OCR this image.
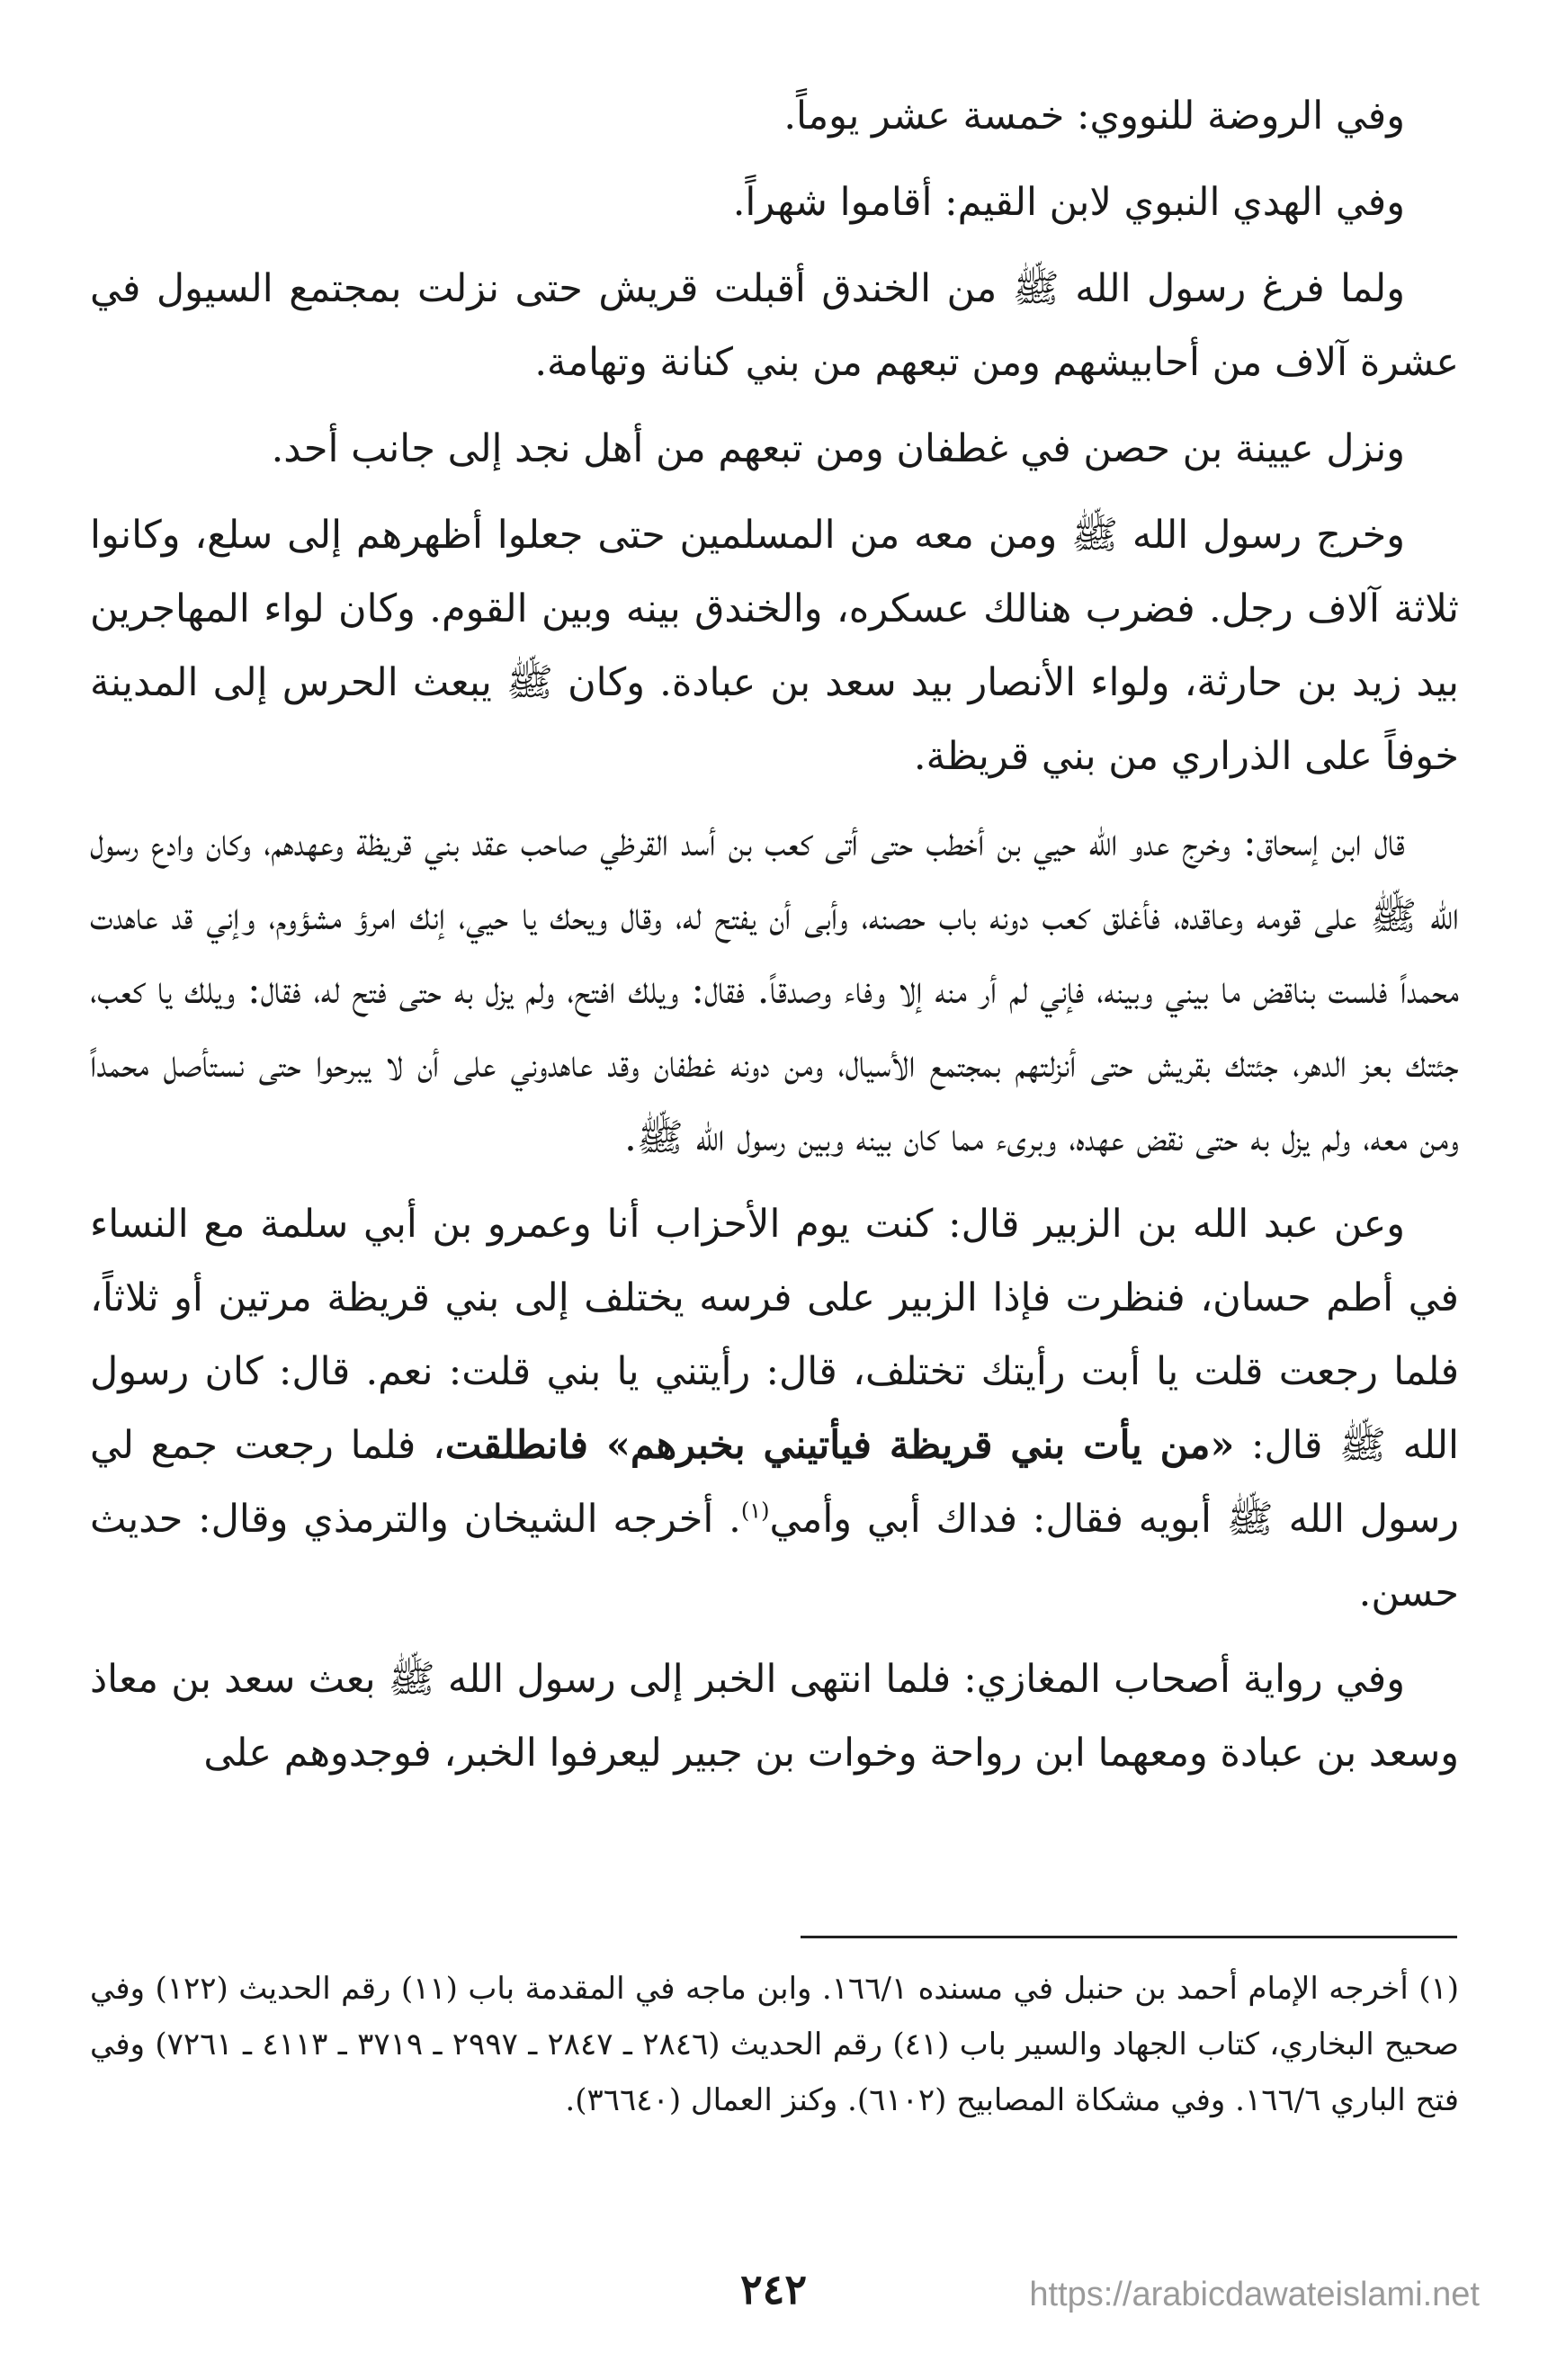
وفي الروضة للنووي: خمسة عشر يوماً.

وفي الهدي النبوي لابن القيم: أقاموا شهراً.

ولما فرغ رسول الله ﷺ من الخندق أقبلت قريش حتى نزلت بمجتمع السيول في عشرة آلاف من أحابيشهم ومن تبعهم من بني كنانة وتهامة.

ونزل عيينة بن حصن في غطفان ومن تبعهم من أهل نجد إلى جانب أحد.

وخرج رسول الله ﷺ ومن معه من المسلمين حتى جعلوا أظهرهم إلى سلع، وكانوا ثلاثة آلاف رجل. فضرب هنالك عسكره، والخندق بينه وبين القوم. وكان لواء المهاجرين بيد زيد بن حارثة، ولواء الأنصار بيد سعد بن عبادة. وكان ﷺ يبعث الحرس إلى المدينة خوفاً على الذراري من بني قريظة.

قال ابن إسحاق: وخرج عدو الله حيي بن أخطب حتى أتى كعب بن أسد القرظي صاحب عقد بني قريظة وعهدهم، وكان وادع رسول الله ﷺ على قومه وعاقده، فأغلق كعب دونه باب حصنه، وأبى أن يفتح له، وقال ويحك يا حيي، إنك امرؤ مشؤوم، وإني قد عاهدت محمداً فلست بناقض ما بيني وبينه، فإني لم أر منه إلا وفاء وصدقاً. فقال: ويلك افتح، ولم يزل به حتى فتح له، فقال: ويلك يا كعب، جئتك بعز الدهر، جئتك بقريش حتى أنزلتهم بمجتمع الأسيال، ومن دونه غطفان وقد عاهدوني على أن لا يبرحوا حتى نستأصل محمداً ومن معه، ولم يزل به حتى نقض عهده، وبرىء مما كان بينه وبين رسول الله ﷺ.

وعن عبد الله بن الزبير قال: كنت يوم الأحزاب أنا وعمرو بن أبي سلمة مع النساء في أطم حسان، فنظرت فإذا الزبير على فرسه يختلف إلى بني قريظة مرتين أو ثلاثاً، فلما رجعت قلت يا أبت رأيتك تختلف، قال: رأيتني يا بني قلت: نعم. قال: كان رسول الله ﷺ قال: «من يأت بني قريظة فيأتيني بخبرهم» فانطلقت، فلما رجعت جمع لي رسول الله ﷺ أبويه فقال: فداك أبي وأمي$^{(١)}$. أخرجه الشيخان والترمذي وقال: حديث حسن.

وفي رواية أصحاب المغازي: فلما انتهى الخبر إلى رسول الله ﷺ بعث سعد بن معاذ وسعد بن عبادة ومعهما ابن رواحة وخوات بن جبير ليعرفوا الخبر، فوجدوهم على

(١) أخرجه الإمام أحمد بن حنبل في مسنده ١٦٦/١. وابن ماجه في المقدمة باب (١١) رقم الحديث (١٢٢) وفي صحيح البخاري، كتاب الجهاد والسير باب (٤١) رقم الحديث (٢٨٤٦ ـ ٢٨٤٧ ـ ٢٩٩٧ ـ ٣٧١٩ ـ ٤١١٣ ـ ٧٢٦١) وفي فتح الباري ١٦٦/٦. وفي مشكاة المصابيح (٦١٠٢). وكنز العمال (٣٦٦٤٠).

٢٤٢	https://arabicdawateislami.net
